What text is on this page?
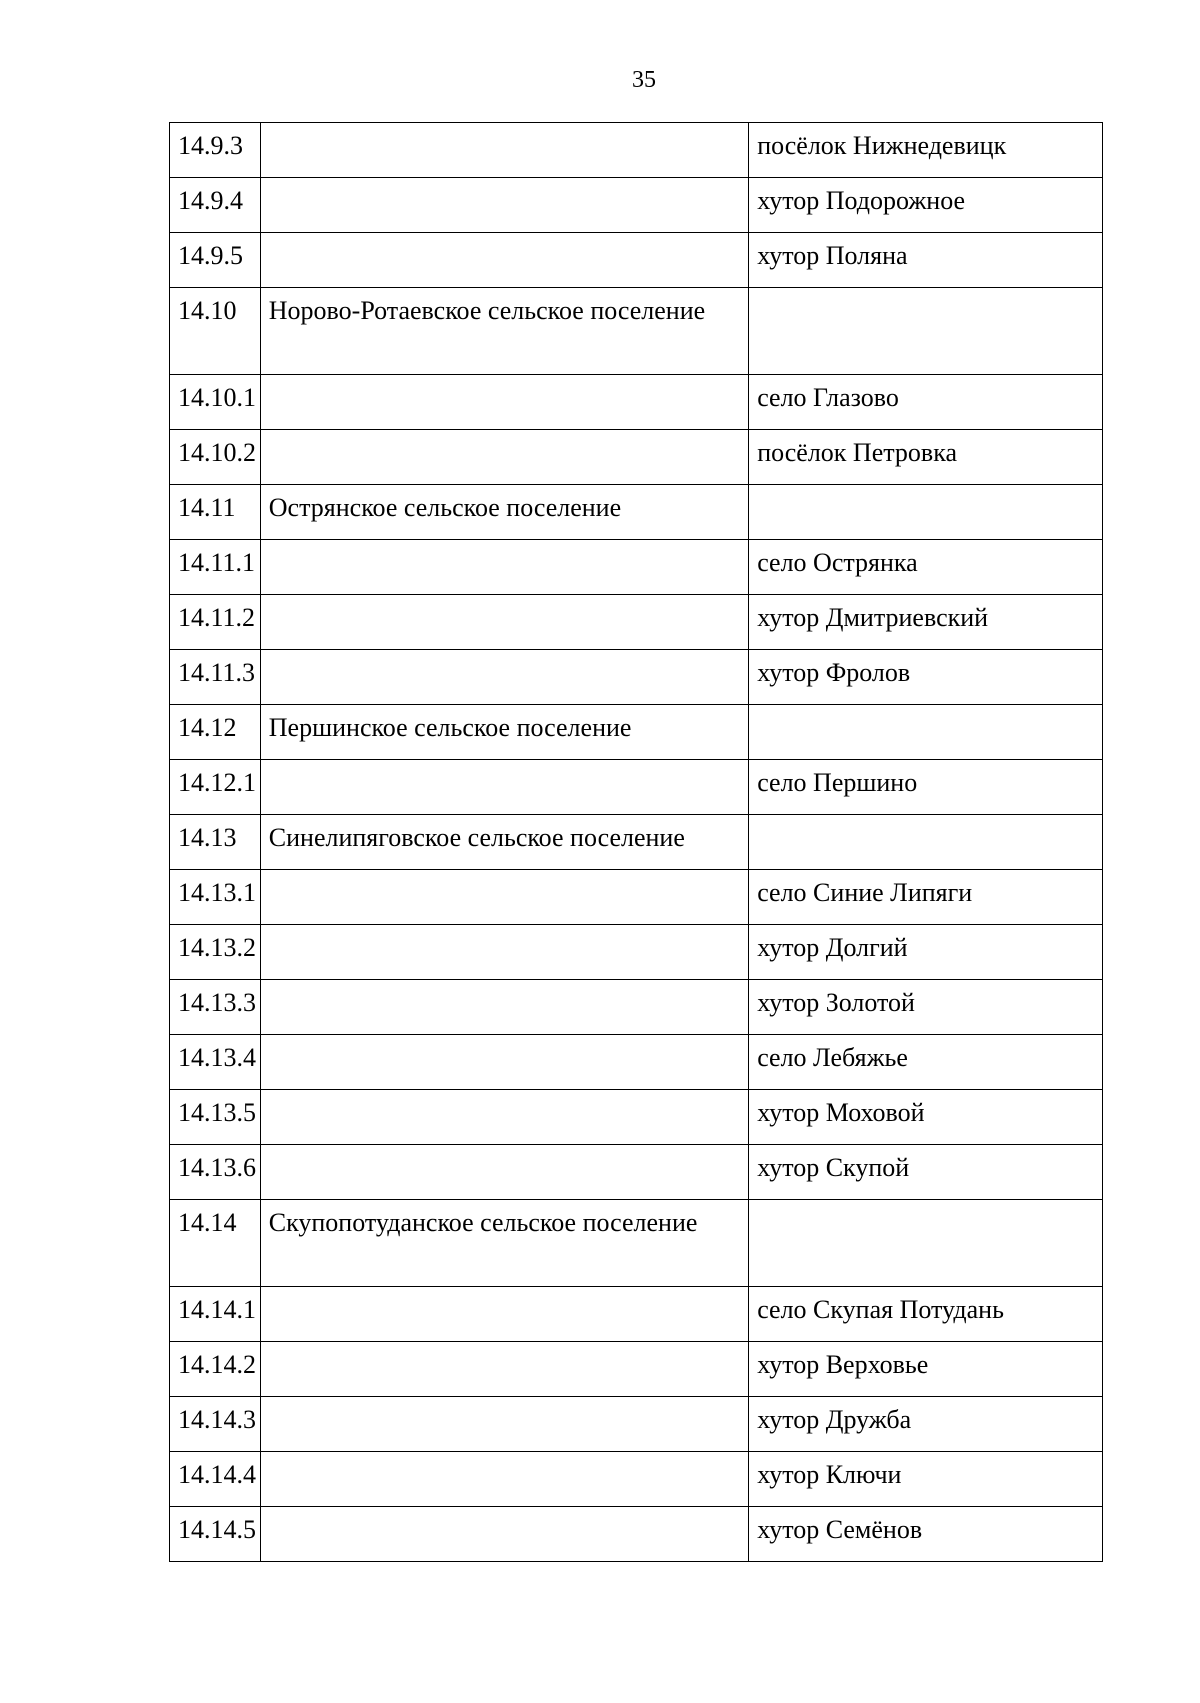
35
14.9.3		посёлок Нижнедевицк
14.9.4		хутор Подорожное
14.9.5		хутор Поляна
14.10	Норово-Ротаевское сельское поселение	
14.10.1		село Глазово
14.10.2		посёлок Петровка
14.11	Острянское сельское поселение	
14.11.1		село Острянка
14.11.2		хутор Дмитриевский
14.11.3		хутор Фролов
14.12	Першинское сельское поселение	
14.12.1		село Першино
14.13	Синелипяговское сельское поселение	
14.13.1		село Синие Липяги
14.13.2		хутор Долгий
14.13.3		хутор Золотой
14.13.4		село Лебяжье
14.13.5		хутор Моховой
14.13.6		хутор Скупой
14.14	Скупопотуданское сельское поселение	
14.14.1		село Скупая Потудань
14.14.2		хутор Верховье
14.14.3		хутор Дружба
14.14.4		хутор Ключи
14.14.5		хутор Семёнов
